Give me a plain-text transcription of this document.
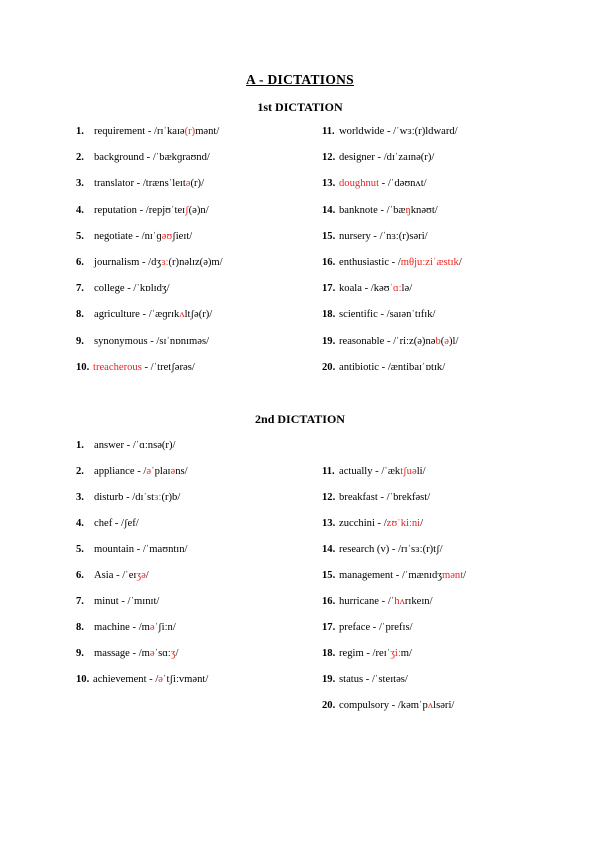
A - DICTATIONS
1st DICTATION
1. requirement - /rɪˈkaɪə(r)mənt/
2. background - /ˈbækɡraʊnd/
3. translator - /trænsˈleɪtə(r)/
4. reputation - /repjʊˈteɪʃ(ə)n/
5. negotiate - /nɪˈɡəʊʃieɪt/
6. journalism - /dʒɜː(r)nəlɪz(ə)m/
7. college - /ˈkɒlɪdʒ/
8. agriculture - /ˈæɡrɪkʌltʃə(r)/
9. synonymous - /sɪˈnɒnɪməs/
10. treacherous - /ˈtretʃərəs/
11. worldwide - /ˈwɜː(r)ldward/
12. designer - /dɪˈzaɪnə(r)/
13. doughnut - /ˈdəʊnʌt/
14. banknote - /ˈbæŋknəʊt/
15. nursery - /ˈnɜː(r)səri/
16. enthusiastic - /mθjuːziˈæstɪk/
17. koala - /kəʊˈɑːlə/
18. scientific - /saɪənˈtɪfɪk/
19. reasonable - /ˈriːz(ə)nəb(ə)l/
20. antibiotic - /æntibaɪˈɒtɪk/
2nd DICTATION
1. answer - /ˈɑːnsə(r)/
2. appliance - /əˈplaɪəns/
3. disturb - /dɪˈstɜː(r)b/
4. chef - /ʃef/
5. mountain - /ˈmaʊntɪn/
6. Asia - /ˈeɪʒə/
7. minut - /ˈmɪnɪt/
8. machine - /məˈʃiːn/
9. massage - /məˈsɑːʒ/
10. achievement - /əˈtʃiːvmənt/
11. actually - /ˈæktʃuəli/
12. breakfast - /ˈbrekfəst/
13. zucchini - /zʊˈkiːni/
14. research (v) - /rɪˈsɜː(r)tʃ/
15. management - /ˈmænɪdʒmənt/
16. hurricane - /ˈhʌrɪkeɪn/
17. preface - /ˈprefɪs/
18. regim - /reɪˈʒiːm/
19. status - /ˈsteɪtəs/
20. compulsory - /kəmˈpʌlsəri/
